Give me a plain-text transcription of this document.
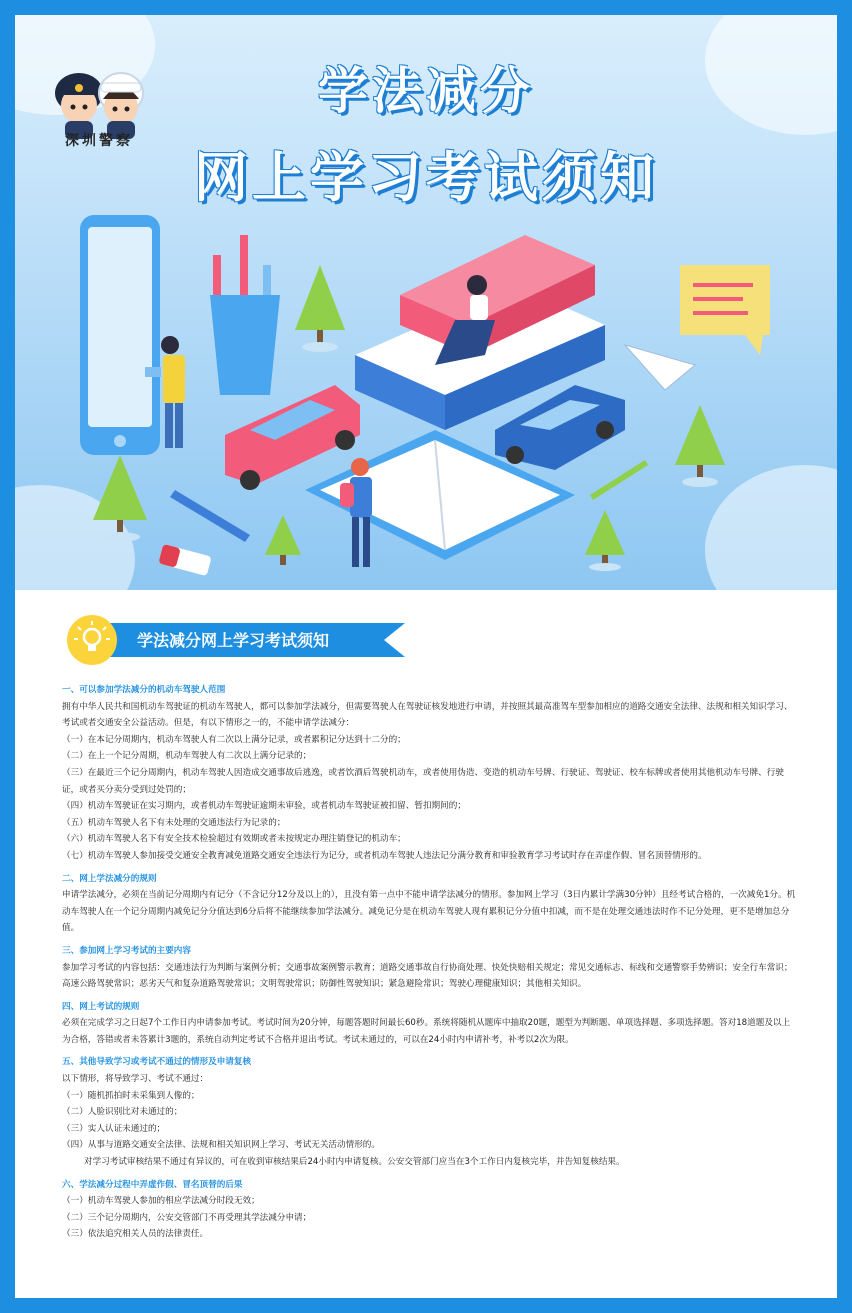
深圳警察
学法减分
网上学习考试须知
学法减分网上学习考试须知
一、可以参加学法减分的机动车驾驶人范围
拥有中华人民共和国机动车驾驶证的机动车驾驶人，都可以参加学法减分，但需要驾驶人在驾驶证核发地进行申请，并按照其最高准驾车型参加相应的道路交通安全法律、法规和相关知识学习、考试或者交通安全公益活动。但是，有以下情形之一的，不能申请学法减分：
（一）在本记分周期内，机动车驾驶人有二次以上满分记录，或者累积记分达到十二分的；
（二）在上一个记分周期，机动车驾驶人有二次以上满分记录的；
（三）在最近三个记分周期内，机动车驾驶人因造成交通事故后逃逸，或者饮酒后驾驶机动车，或者使用伪造、变造的机动车号牌、行驶证、驾驶证、校车标牌或者使用其他机动车号牌、行驶证，或者买分卖分受到过处罚的；
（四）机动车驾驶证在实习期内，或者机动车驾驶证逾期未审验，或者机动车驾驶证被扣留、暂扣期间的；
（五）机动车驾驶人名下有未处理的交通违法行为记录的；
（六）机动车驾驶人名下有安全技术检验超过有效期或者未按规定办理注销登记的机动车；
（七）机动车驾驶人参加接受交通安全教育减免道路交通安全违法行为记分，或者机动车驾驶人违法记分满分教育和审验教育学习考试时存在弄虚作假、冒名顶替情形的。
二、网上学法减分的规则
申请学法减分，必须在当前记分周期内有记分（不含记分12分及以上的），且没有第一点中不能申请学法减分的情形。参加网上学习（3日内累计学满30分钟）且经考试合格的，一次减免1分。机动车驾驶人在一个记分周期内减免记分分值达到6分后将不能继续参加学法减分。减免记分是在机动车驾驶人现有累积记分分值中扣减，而不是在处理交通违法时作不记分处理，更不是增加总分值。
三、参加网上学习考试的主要内容
参加学习考试的内容包括：交通违法行为判断与案例分析；交通事故案例警示教育；道路交通事故自行协商处理、快处快赔相关规定；常见交通标志、标线和交通警察手势辨识；安全行车常识；高速公路驾驶常识；恶劣天气和复杂道路驾驶常识；文明驾驶常识；防御性驾驶知识；紧急避险常识；驾驶心理健康知识；其他相关知识。
四、网上考试的规则
必须在完成学习之日起7个工作日内申请参加考试。考试时间为20分钟，每题答题时间最长60秒。系统将随机从题库中抽取20题，题型为判断题、单项选择题、多项选择题。答对18道题及以上为合格，答错或者未答累计3题的，系统自动判定考试不合格并退出考试。考试未通过的，可以在24小时内申请补考，补考以2次为限。
五、其他导致学习或考试不通过的情形及申请复核
以下情形，将导致学习、考试不通过：
（一）随机抓拍时未采集到人像的；
（二）人脸识别比对未通过的；
（三）实人认证未通过的；
（四）从事与道路交通安全法律、法规和相关知识网上学习、考试无关活动情形的。
对学习考试审核结果不通过有异议的，可在收到审核结果后24小时内申请复核。公安交管部门应当在3个工作日内复核完毕，并告知复核结果。
六、学法减分过程中弄虚作假、冒名顶替的后果
（一）机动车驾驶人参加的相应学法减分时段无效；
（二）三个记分周期内，公安交管部门不再受理其学法减分申请；
（三）依法追究相关人员的法律责任。
